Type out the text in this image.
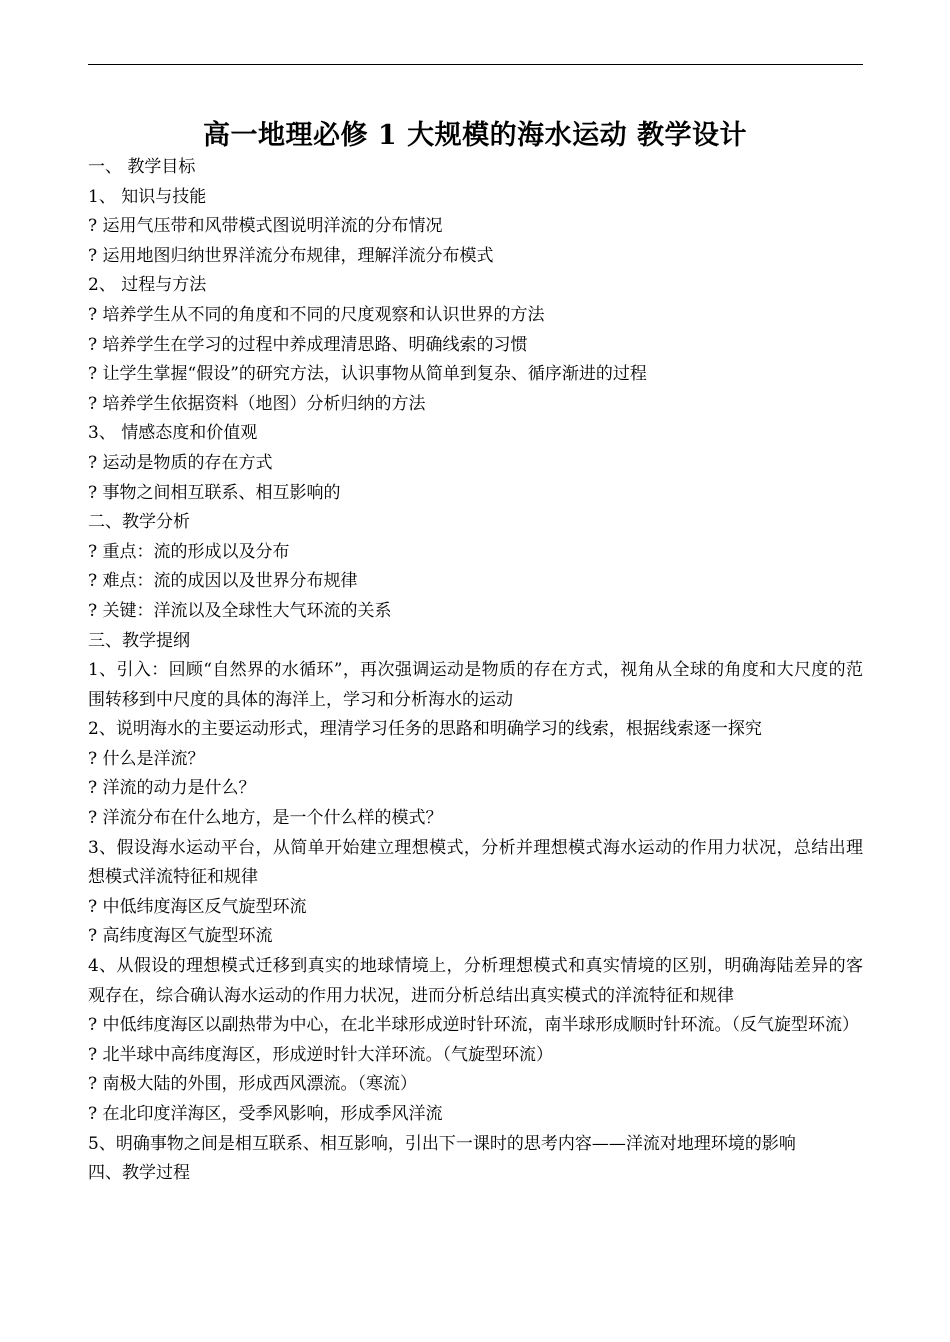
高一地理必修 1 大规模的海水运动 教学设计
一、 教学目标
1、 知识与技能
? 运用气压带和风带模式图说明洋流的分布情况
? 运用地图归纳世界洋流分布规律，理解洋流分布模式
2、 过程与方法
? 培养学生从不同的角度和不同的尺度观察和认识世界的方法
? 培养学生在学习的过程中养成理清思路、明确线索的习惯
? 让学生掌握“假设”的研究方法，认识事物从简单到复杂、循序渐进的过程
? 培养学生依据资料（地图）分析归纳的方法
3、 情感态度和价值观
? 运动是物质的存在方式
? 事物之间相互联系、相互影响的
二、教学分析
? 重点：流的形成以及分布
? 难点：流的成因以及世界分布规律
? 关键：洋流以及全球性大气环流的关系
三、教学提纲
1、引入：回顾“自然界的水循环”，再次强调运动是物质的存在方式，视角从全球的角度和大尺度的范围转移到中尺度的具体的海洋上，学习和分析海水的运动
2、说明海水的主要运动形式，理清学习任务的思路和明确学习的线索，根据线索逐一探究
? 什么是洋流？
? 洋流的动力是什么？
? 洋流分布在什么地方，是一个什么样的模式？
3、假设海水运动平台，从简单开始建立理想模式，分析并理想模式海水运动的作用力状况，总结出理想模式洋流特征和规律
? 中低纬度海区反气旋型环流
? 高纬度海区气旋型环流
4、从假设的理想模式迁移到真实的地球情境上，分析理想模式和真实情境的区别，明确海陆差异的客观存在，综合确认海水运动的作用力状况，进而分析总结出真实模式的洋流特征和规律
? 中低纬度海区以副热带为中心，在北半球形成逆时针环流，南半球形成顺时针环流。（反气旋型环流）
? 北半球中高纬度海区，形成逆时针大洋环流。（气旋型环流）
? 南极大陆的外围，形成西风漂流。（寒流）
? 在北印度洋海区，受季风影响，形成季风洋流
5、明确事物之间是相互联系、相互影响，引出下一课时的思考内容——洋流对地理环境的影响
四、教学过程
